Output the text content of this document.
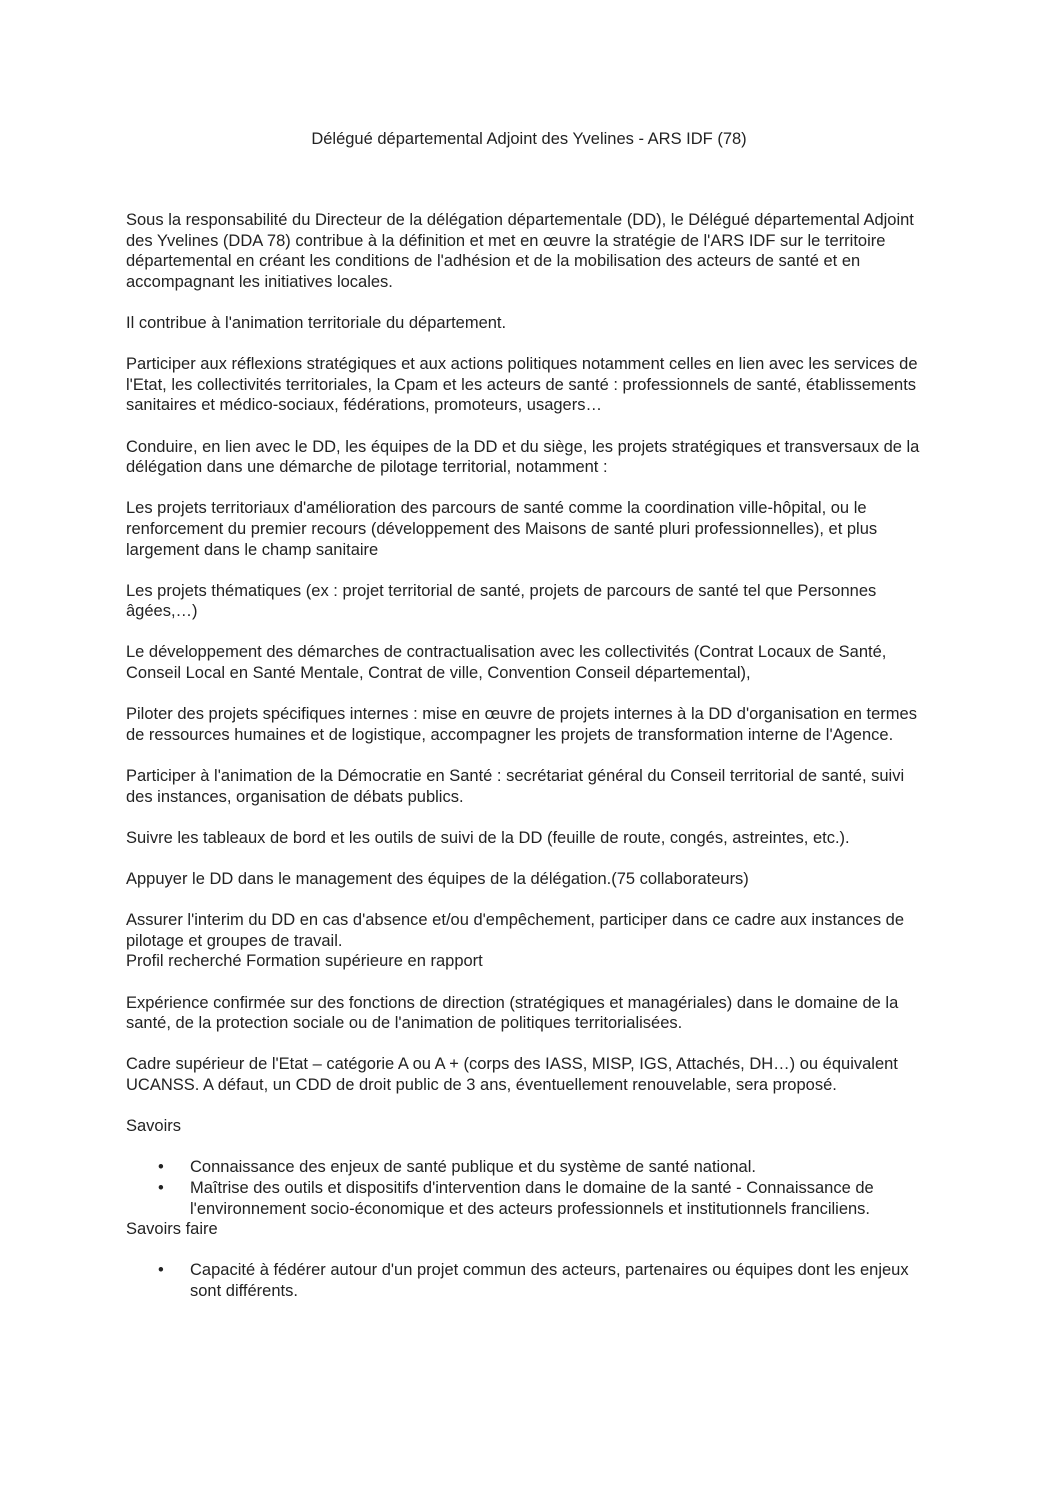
Délégué départemental Adjoint des Yvelines - ARS IDF (78)

Sous la responsabilité du Directeur de la délégation départementale (DD), le Délégué départemental Adjoint des Yvelines (DDA 78) contribue à la définition et met en œuvre la stratégie de l'ARS IDF sur le territoire départemental en créant les conditions de l'adhésion et de la mobilisation des acteurs de santé et en accompagnant les initiatives locales.

Il contribue à l'animation territoriale du département.

Participer aux réflexions stratégiques et aux actions politiques notamment celles en lien avec les services de l'Etat, les collectivités territoriales, la Cpam et les acteurs de santé : professionnels de santé, établissements sanitaires et médico-sociaux, fédérations, promoteurs, usagers…

Conduire, en lien avec le DD, les équipes de la DD et du siège, les projets stratégiques et transversaux de la délégation dans une démarche de pilotage territorial, notamment :

Les projets territoriaux d'amélioration des parcours de santé comme la coordination ville-hôpital, ou le renforcement du premier recours (développement des Maisons de santé pluri professionnelles), et plus largement dans le champ sanitaire

Les projets thématiques (ex : projet territorial de santé, projets de parcours de santé tel que Personnes âgées,…)

Le développement des démarches de contractualisation avec les collectivités (Contrat Locaux de Santé, Conseil Local en Santé Mentale, Contrat de ville, Convention Conseil départemental),

Piloter des projets spécifiques internes : mise en œuvre de projets internes à la DD d'organisation en termes de ressources humaines et de logistique, accompagner les projets de transformation interne de l'Agence.

Participer à l'animation de la Démocratie en Santé : secrétariat général du Conseil territorial de santé, suivi des instances, organisation de débats publics.

Suivre les tableaux de bord et les outils de suivi de la DD (feuille de route, congés, astreintes, etc.).

Appuyer le DD dans le management des équipes de la délégation.(75 collaborateurs)

Assurer l'interim du DD en cas d'absence et/ou d'empêchement, participer dans ce cadre aux instances de pilotage et groupes de travail.

Profil recherché Formation supérieure en rapport

Expérience confirmée sur des fonctions de direction (stratégiques et managériales) dans le domaine de la santé, de la protection sociale ou de l'animation de politiques territorialisées.

Cadre supérieur de l'Etat – catégorie A ou A + (corps des IASS, MISP, IGS, Attachés, DH…) ou équivalent UCANSS. A défaut, un CDD de droit public de 3 ans, éventuellement renouvelable, sera proposé.

Savoirs

• Connaissance des enjeux de santé publique et du système de santé national.
• Maîtrise des outils et dispositifs d'intervention dans le domaine de la santé - Connaissance de l'environnement socio-économique et des acteurs professionnels et institutionnels franciliens.

Savoirs faire

• Capacité à fédérer autour d'un projet commun des acteurs, partenaires ou équipes dont les enjeux sont différents.
